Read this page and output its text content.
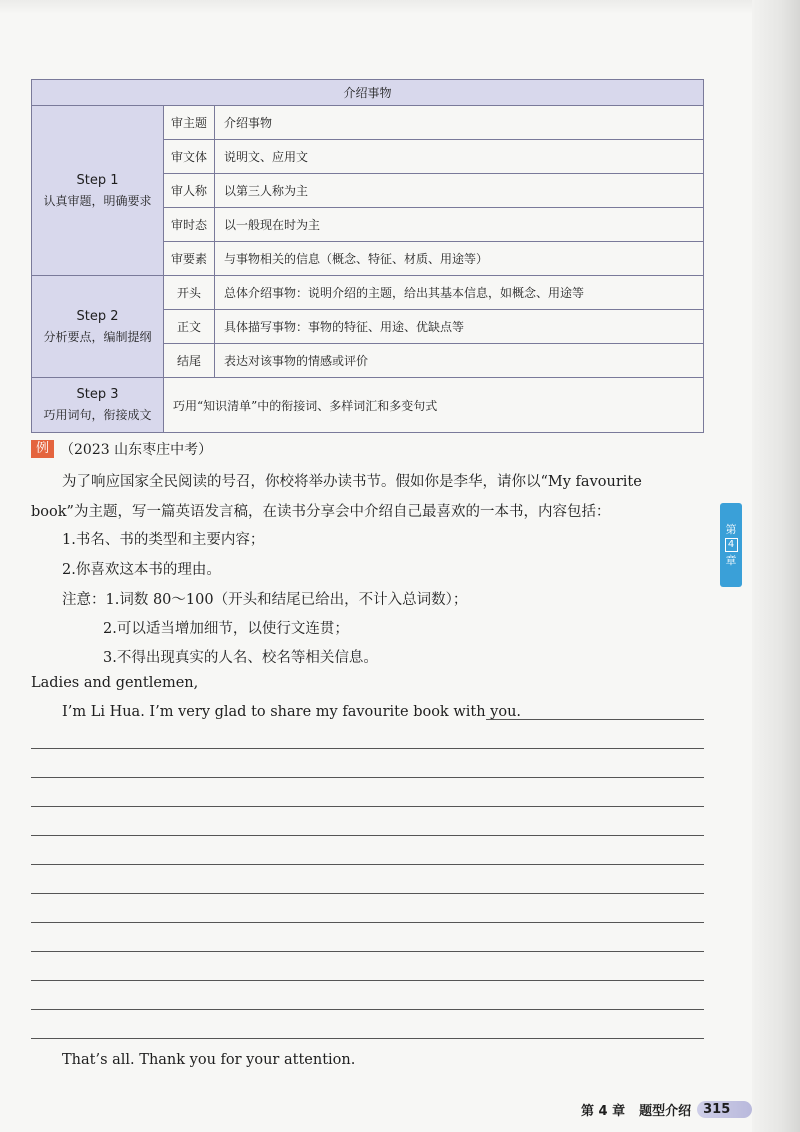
介绍事物		

Step 1
认真审题，明确要求	审主题	介绍事物
	审文体	说明文、应用文
	审人称	以第三人称为主
	审时态	以一般现在时为主
	审要素	与事物相关的信息（概念、特征、材质、用途等）

Step 2
分析要点，编制提纲	开头	总体介绍事物：说明介绍的主题，给出其基本信息，如概念、用途等
	正文	具体描写事物：事物的特征、用途、优缺点等
	结尾	表达对该事物的情感或评价

Step 3
巧用词句，衔接成文	巧用“知识清单”中的衔接词、多样词汇和多变句式	
例 （2023 山东枣庄中考）
为了响应国家全民阅读的号召，你校将举办读书节。假如你是李华，请你以“My favourite
book”为主题，写一篇英语发言稿，在读书分享会中介绍自己最喜欢的一本书，内容包括：
1.书名、书的类型和主要内容；
2.你喜欢这本书的理由。
注意：1.词数 80～100（开头和结尾已给出，不计入总词数）；
2.可以适当增加细节，以使行文连贯；
3.不得出现真实的人名、校名等相关信息。
Ladies and gentlemen,
I’m Li Hua. I’m very glad to share my favourite book with you.
That’s all. Thank you for your attention.
第
4
章
第 4 章 题型介绍 315
